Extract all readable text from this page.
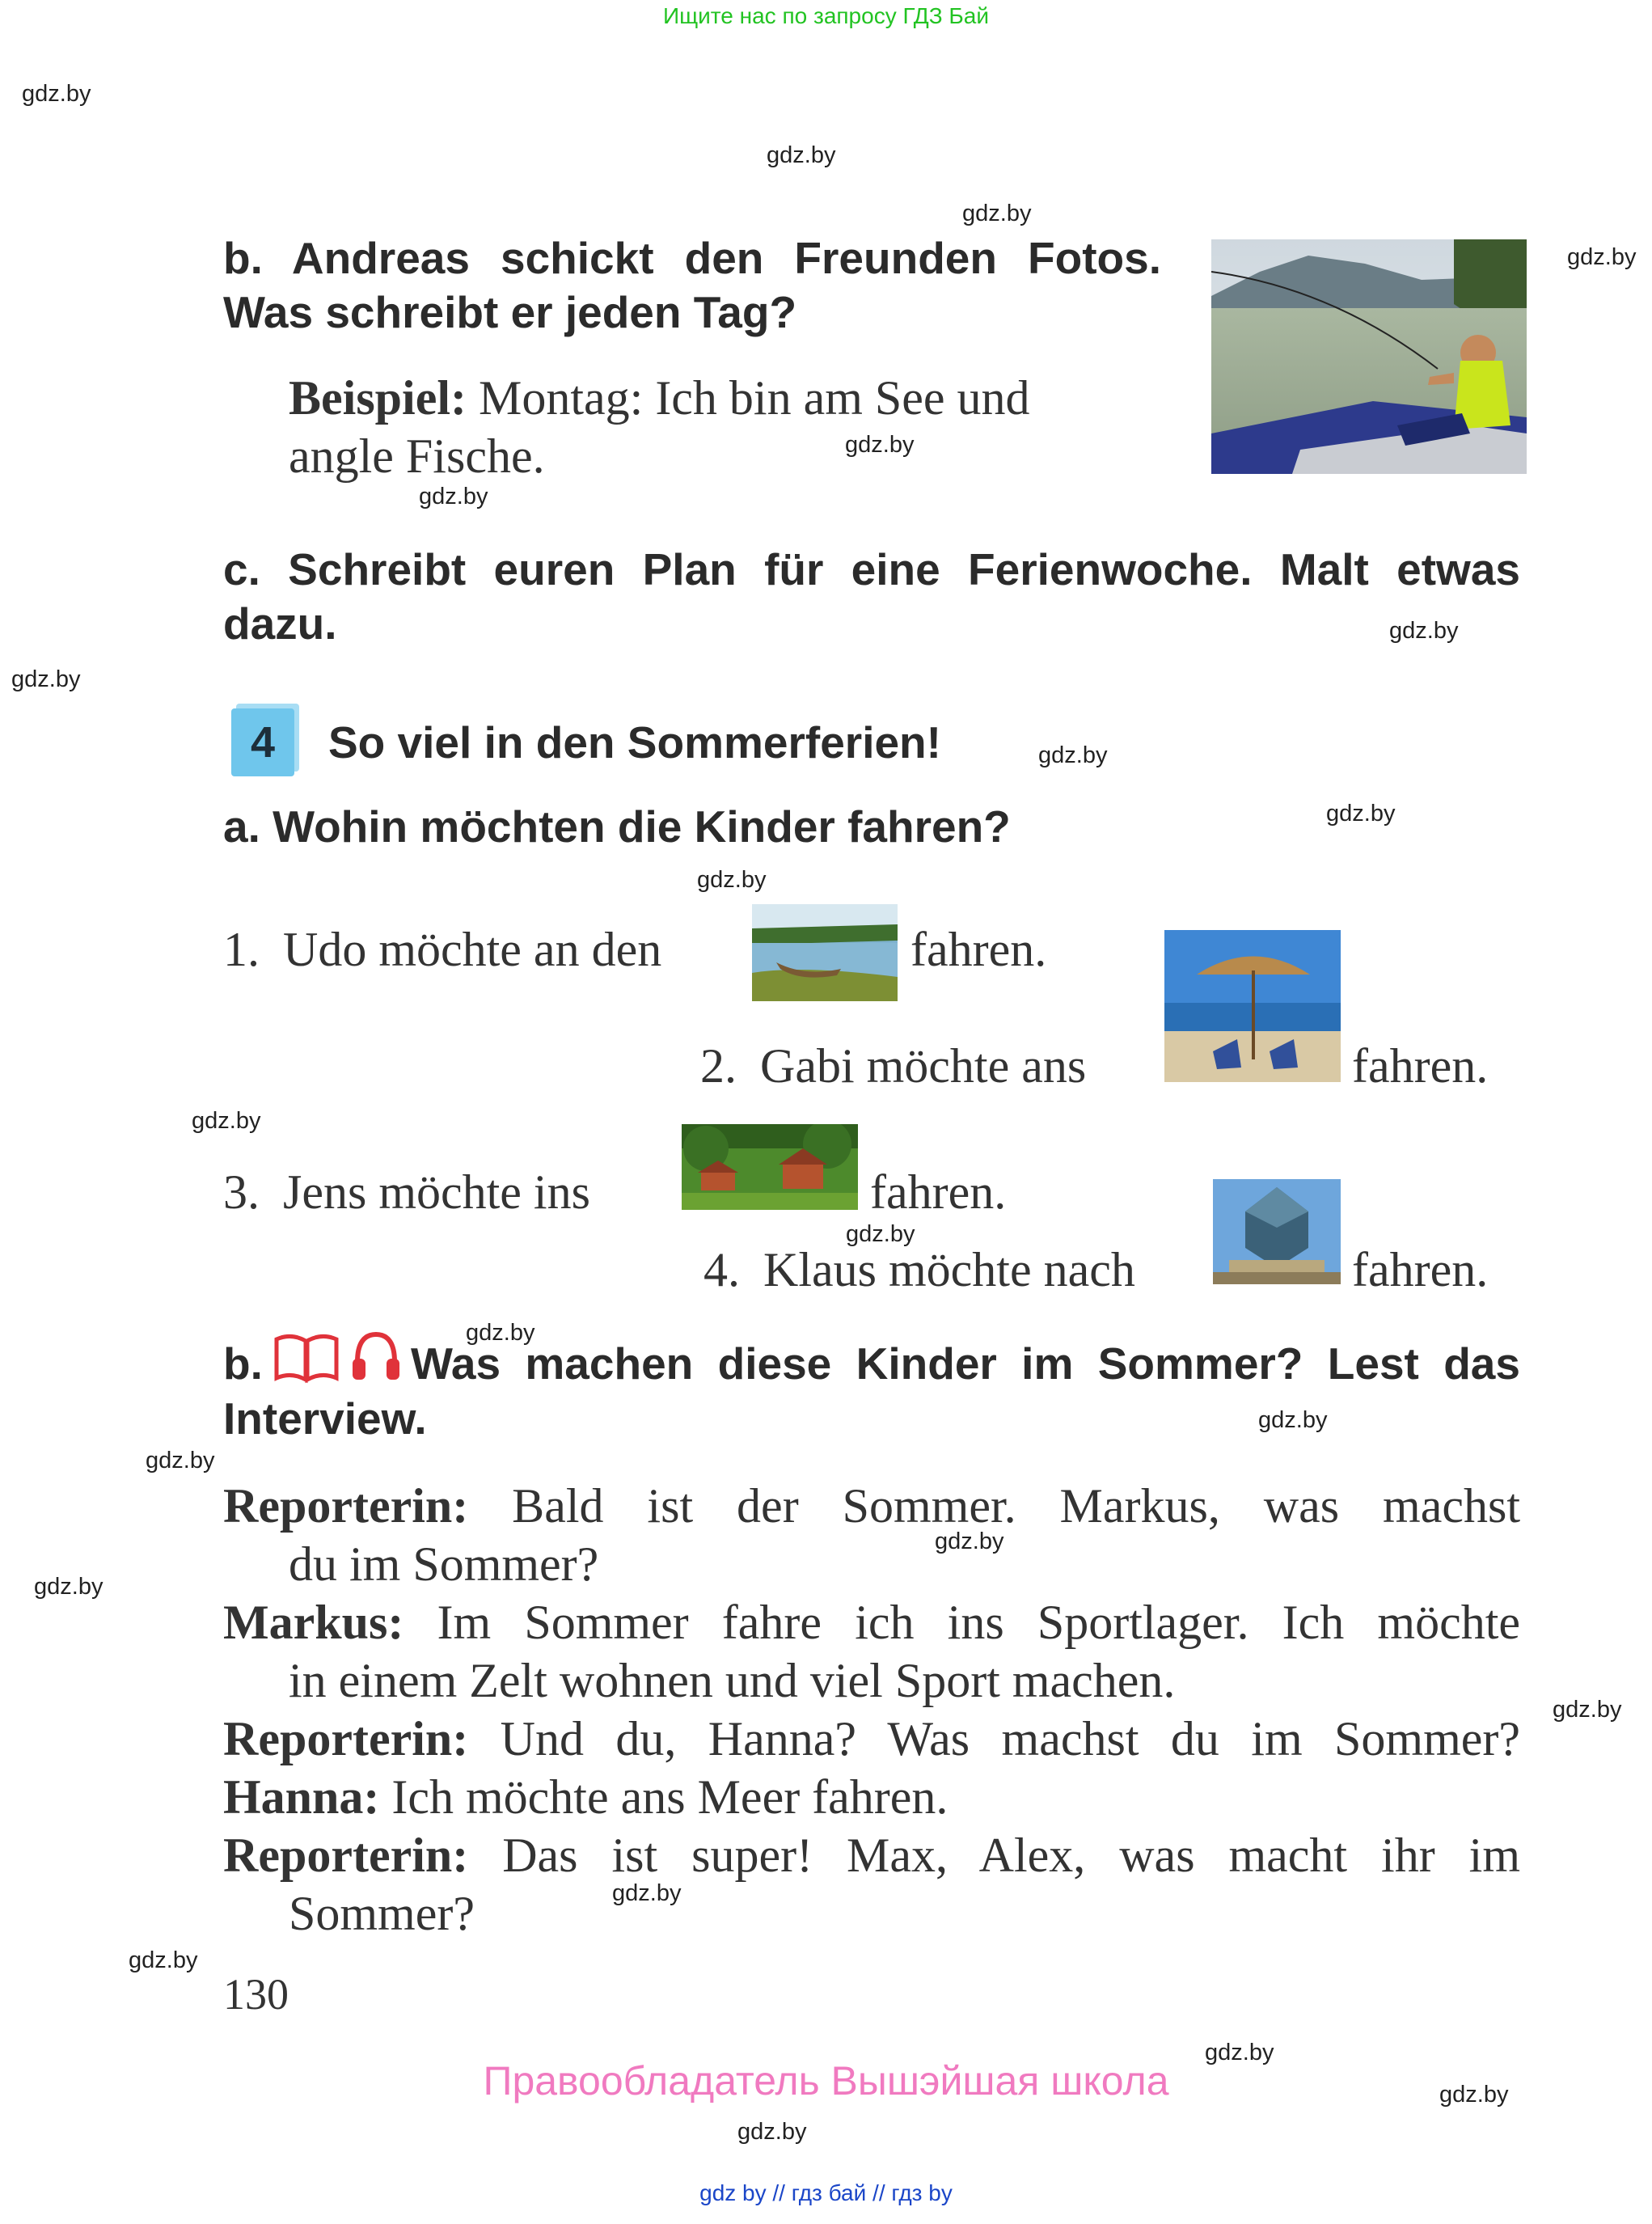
Ищите нас по запросу ГДЗ Бай
gdz.by
gdz.by
gdz.by
gdz.by
gdz.by
gdz.by
gdz.by
gdz.by
gdz.by
gdz.by
gdz.by
gdz.by
gdz.by
gdz.by
gdz.by
gdz.by
gdz.by
gdz.by
gdz.by
gdz.by
gdz.by
gdz.by
gdz.by
gdz.by
b. Andreas schickt den Freunden Fotos.
Was schreibt er jeden Tag?
Beispiel: Montag: Ich bin am See und
angle Fische.
c. Schreibt euren Plan für eine Ferienwoche. Malt etwas
dazu.
4	So viel in den Sommerferien!
a. Wohin möchten die Kinder fahren?
1. Udo möchte an den	fahren.
2. Gabi möchte ans	fahren.
3. Jens möchte ins	fahren.
4. Klaus möchte nach	fahren.
b.	Was machen diese Kinder im Sommer? Lest das
Interview.
Reporterin: Bald ist der Sommer. Markus, was machst
du im Sommer?
Markus: Im Sommer fahre ich ins Sportlager. Ich möchte
in einem Zelt wohnen und viel Sport machen.
Reporterin: Und du, Hanna? Was machst du im Sommer?
Hanna: Ich möchte ans Meer fahren.
Reporterin: Das ist super! Max, Alex, was macht ihr im
Sommer?
130
Правообладатель Вышэйшая школа
gdz by // гдз бай // гдз by
